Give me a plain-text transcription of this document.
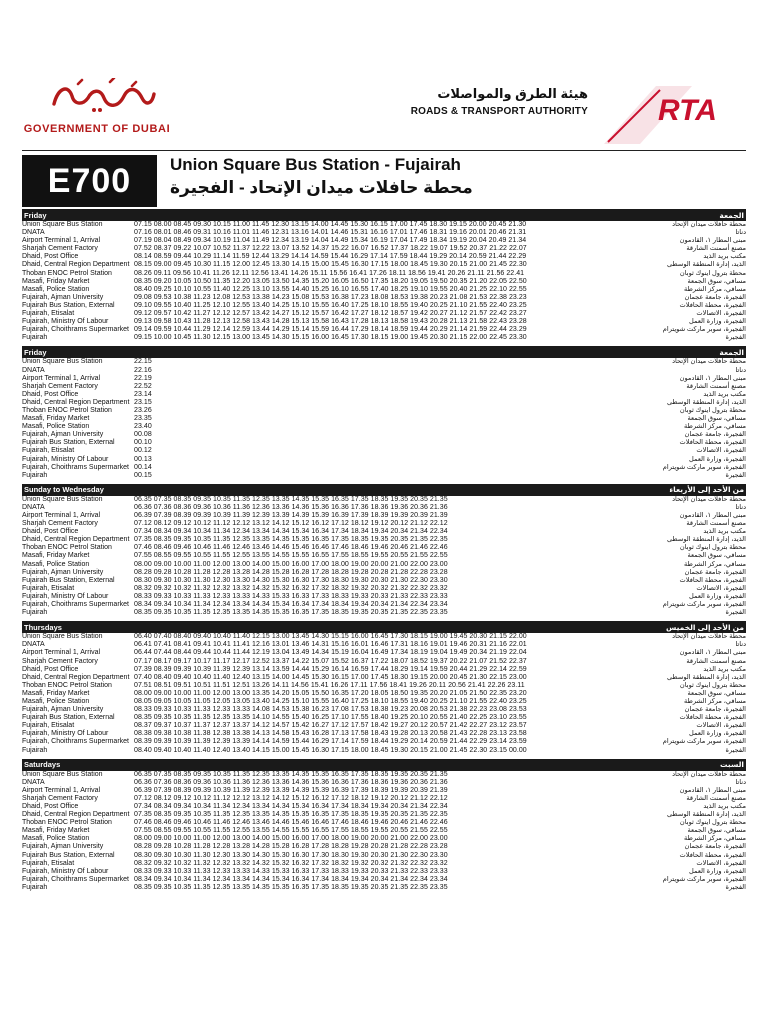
GOVERNMENT OF DUBAI
هيئة الطرق والمواصلات
ROADS & TRANSPORT AUTHORITY RTA
E700	Union Square Bus Station - Fujairah
محطة حافلات ميدان الإتحاد - الفجيرة
Friday	الجمعة
Union Square Bus Station	07.15 08.00 08.45 09.30 10.15 11.00 11.45 12.30 13.15 14.00 14.45 15.30 16.15 17.00 17.45 18.30 19.15 20.00 20.45 21.30	محطة حافلات ميدان الإتحاد
DNATA	07.16 08.01 08.46 09.31 10.16 11.01 11.46 12.31 13.16 14.01 14.46 15.31 16.16 17.01 17.46 18.31 19.16 20.01 20.46 21.31	دناتا
Airport Terminal 1, Arrival	07.19 08.04 08.49 09.34 10.19 11.04 11.49 12.34 13.19 14.04 14.49 15.34 16.19 17.04 17.49 18.34 19.19 20.04 20.49 21.34	مبنى المطار ١، القادمون
Sharjah Cement Factory	07.52 08.37 09.22 10.07 10.52 11.37 12.22 13.07 13.52 14.37 15.22 16.07 16.52 17.37 18.22 19.07 19.52 20.37 21.22 22.07	مصنع أسمنت الشارقة
Dhaid, Post Office	08.14 08.59 09.44 10.29 11.14 11.59 12.44 13.29 14.14 14.59 15.44 16.29 17.14 17.59 18.44 19.29 20.14 20.59 21.44 22.29	مكتب بريد الذيد
Dhaid, Central Region Department 08.15 09.00 09.45 10.30 11.15 12.00 12.45 13.30 14.15 15.00 15.45 16.30 17.15 18.00 18.45 19.30 20.15 21.00 21.45 22.30	الذيد، إدارة المنطقة الوسطى
Thoban ENOC Petrol Station	08.26 09.11 09.56 10.41 11.26 12.11 12.56 13.41 14.26 15.11 15.56 16.41 17.26 18.11 18.56 19.41 20.26 21.11 21.56 22.41	محطة بترول اينوك ثوبان
Masafi, Friday Market	08.35 09.20 10.05 10.50 11.35 12.20 13.05 13.50 14.35 15.20 16.05 16.50 17.35 18.20 19.05 19.50 20.35 21.20 22.05 22.50	مسافي، سوق الجمعة
Masafi, Police Station	08.40 09.25 10.10 10.55 11.40 12.25 13.10 13.55 14.40 15.25 16.10 16.55 17.40 18.25 19.10 19.55 20.40 21.25 22.10 22.55	مسافي، مركز الشرطة
Fujairah, Ajman University	09.08 09.53 10.38 11.23 12.08 12.53 13.38 14.23 15.08 15.53 16.38 17.23 18.08 18.53 19.38 20.23 21.08 21.53 22.38 23.23	الفجيرة، جامعة عجمان
Fujairah Bus Station, External	09.10 09.55 10.40 11.25 12.10 12.55 13.40 14.25 15.10 15.55 16.40 17.25 18.10 18.55 19.40 20.25 21.10 21.55 22.40 23.25	الفجيرة، محطة الحافلات
Fujairah, Etisalat	09.12 09.57 10.42 11.27 12.12 12.57 13.42 14.27 15.12 15.57 16.42 17.27 18.12 18.57 19.42 20.27 21.12 21.57 22.42 23.27	الفجيرة، الاتصالات
Fujairah, Ministry Of Labour	09.13 09.58 10.43 11.28 12.13 12.58 13.43 14.28 15.13 15.58 16.43 17.28 18.13 18.58 19.43 20.28 21.13 21.58 22.43 23.28	الفجيرة، وزارة العمل
Fujairah, Choithrams Supermarket 09.14 09.59 10.44 11.29 12.14 12.59 13.44 14.29 15.14 15.59 16.44 17.29 18.14 18.59 19.44 20.29 21.14 21.59 22.44 23.29	الفجيرة، سوبر ماركت شويترام
Fujairah	09.15 10.00 10.45 11.30 12.15 13.00 13.45 14.30 15.15 16.00 16.45 17.30 18.15 19.00 19.45 20.30 21.15 22.00 22.45 23.30	الفجيرة
Friday	الجمعة
Union Square Bus Station	22.15	محطة حافلات ميدان الإتحاد
DNATA	22.16	دناتا
Airport Terminal 1, Arrival	22.19	مبنى المطار ١، القادمون
Sharjah Cement Factory	22.52	مصنع أسمنت الشارقة
Dhaid, Post Office	23.14	مكتب بريد الذيد
Dhaid, Central Region Department 23.15	الذيد، إدارة المنطقة الوسطى
Thoban ENOC Petrol Station	23.26	محطة بترول اينوك ثوبان
Masafi, Friday Market	23.35	مسافي، سوق الجمعة
Masafi, Police Station	23.40	مسافي، مركز الشرطة
Fujairah, Ajman University	00.08	الفجيرة، جامعة عجمان
Fujairah Bus Station, External	00.10	الفجيرة، محطة الحافلات
Fujairah, Etisalat	00.12	الفجيرة، الاتصالات
Fujairah, Ministry Of Labour	00.13	الفجيرة، وزارة العمل
Fujairah, Choithrams Supermarket 00.14	الفجيرة، سوبر ماركت شويترام
Fujairah	00.15	الفجيرة
Sunday to Wednesday	من الأحد إلى الأربعاء
Union Square Bus Station	06.35 07.35 08.35 09.35 10.35 11.35 12.35 13.35 14.35 15.35 16.35 17.35 18.35 19.35 20.35 21.35	محطة حافلات ميدان الإتحاد
DNATA	06.36 07.36 08.36 09.36 10.36 11.36 12.36 13.36 14.36 15.36 16.36 17.36 18.36 19.36 20.36 21.36	دناتا
Airport Terminal 1, Arrival	06.39 07.39 08.39 09.39 10.39 11.39 12.39 13.39 14.39 15.39 16.39 17.39 18.39 19.39 20.39 21.39	مبنى المطار ١، القادمون
Sharjah Cement Factory	07.12 08.12 09.12 10.12 11.12 12.12 13.12 14.12 15.12 16.12 17.12 18.12 19.12 20.12 21.12 22.12	مصنع أسمنت الشارقة
Dhaid, Post Office	07.34 08.34 09.34 10.34 11.34 12.34 13.34 14.34 15.34 16.34 17.34 18.34 19.34 20.34 21.34 22.34	مكتب بريد الذيد
Dhaid, Central Region Department 07.35 08.35 09.35 10.35 11.35 12.35 13.35 14.35 15.35 16.35 17.35 18.35 19.35 20.35 21.35 22.35	الذيد، إدارة المنطقة الوسطى
Thoban ENOC Petrol Station	07.46 08.46 09.46 10.46 11.46 12.46 13.46 14.46 15.46 16.46 17.46 18.46 19.46 20.46 21.46 22.46	محطة بترول اينوك ثوبان
Masafi, Friday Market	07.55 08.55 09.55 10.55 11.55 12.55 13.55 14.55 15.55 16.55 17.55 18.55 19.55 20.55 21.55 22.55	مسافي، سوق الجمعة
Masafi, Police Station	08.00 09.00 10.00 11.00 12.00 13.00 14.00 15.00 16.00 17.00 18.00 19.00 20.00 21.00 22.00 23.00	مسافي، مركز الشرطة
Fujairah, Ajman University	08.28 09.28 10.28 11.28 12.28 13.28 14.28 15.28 16.28 17.28 18.28 19.28 20.28 21.28 22.28 23.28	الفجيرة، جامعة عجمان
Fujairah Bus Station, External	08.30 09.30 10.30 11.30 12.30 13.30 14.30 15.30 16.30 17.30 18.30 19.30 20.30 21.30 22.30 23.30	الفجيرة، محطة الحافلات
Fujairah, Etisalat	08.32 09.32 10.32 11.32 12.32 13.32 14.32 15.32 16.32 17.32 18.32 19.32 20.32 21.32 22.32 23.32	الفجيرة، الاتصالات
Fujairah, Ministry Of Labour	08.33 09.33 10.33 11.33 12.33 13.33 14.33 15.33 16.33 17.33 18.33 19.33 20.33 21.33 22.33 23.33	الفجيرة، وزارة العمل
Fujairah, Choithrams Supermarket 08.34 09.34 10.34 11.34 12.34 13.34 14.34 15.34 16.34 17.34 18.34 19.34 20.34 21.34 22.34 23.34	الفجيرة، سوبر ماركت شويترام
Fujairah	08.35 09.35 10.35 11.35 12.35 13.35 14.35 15.35 16.35 17.35 18.35 19.35 20.35 21.35 22.35 23.35	الفجيرة
Thursdays	من الأحد إلى الخميس
Union Square Bus Station	06.40 07.40 08.40 09.40 10.40 11.40 12.15 13.00 13.45 14.30 15.15 16.00 16.45 17.30 18.15 19.00 19.45 20.30 21.15 22.00	محطة حافلات ميدان الإتحاد
DNATA	06.41 07.41 08.41 09.41 10.41 11.41 12.16 13.01 13.46 14.31 15.16 16.01 16.46 17.31 18.16 19.01 19.46 20.31 21.16 22.01	دناتا
Airport Terminal 1, Arrival	06.44 07.44 08.44 09.44 10.44 11.44 12.19 13.04 13.49 14.34 15.19 16.04 16.49 17.34 18.19 19.04 19.49 20.34 21.19 22.04	مبنى المطار ١، القادمون
Sharjah Cement Factory	07.17 08.17 09.17 10.17 11.17 12.17 12.52 13.37 14.22 15.07 15.52 16.37 17.22 18.07 18.52 19.37 20.22 21.07 21.52 22.37	مصنع أسمنت الشارقة
Dhaid, Post Office	07.39 08.39 09.39 10.39 11.39 12.39 13.14 13.59 14.44 15.29 16.14 16.59 17.44 18.29 19.14 19.59 20.44 21.29 22.14 22.59	مكتب بريد الذيد
Dhaid, Central Region Department 07.40 08.40 09.40 10.40 11.40 12.40 13.15 14.00 14.45 15.30 16.15 17.00 17.45 18.30 19.15 20.00 20.45 21.30 22.15 23.00	الذيد، إدارة المنطقة الوسطى
Thoban ENOC Petrol Station	07.51 08.51 09.51 10.51 11.51 12.51 13.26 14.11 14.56 15.41 16.26 17.11 17.56 18.41 19.26 20.11 20.56 21.41 22.26 23.11	محطة بترول اينوك ثوبان
Masafi, Friday Market	08.00 09.00 10.00 11.00 12.00 13.00 13.35 14.20 15.05 15.50 16.35 17.20 18.05 18.50 19.35 20.20 21.05 21.50 22.35 23.20	مسافي، سوق الجمعة
Masafi, Police Station	08.05 09.05 10.05 11.05 12.05 13.05 13.40 14.25 15.10 15.55 16.40 17.25 18.10 18.55 19.40 20.25 21.10 21.55 22.40 23.25	مسافي، مركز الشرطة
Fujairah, Ajman University	08.33 09.33 10.33 11.33 12.33 13.33 14.08 14.53 15.38 16.23 17.08 17.53 18.38 19.23 20.08 20.53 21.38 22.23 23.08 23.53	الفجيرة، جامعة عجمان
Fujairah Bus Station, External	08.35 09.35 10.35 11.35 12.35 13.35 14.10 14.55 15.40 16.25 17.10 17.55 18.40 19.25 20.10 20.55 21.40 22.25 23.10 23.55	الفجيرة، محطة الحافلات
Fujairah, Etisalat	08.37 09.37 10.37 11.37 12.37 13.37 14.12 14.57 15.42 16.27 17.12 17.57 18.42 19.27 20.12 20.57 21.42 22.27 23.12 23.57	الفجيرة، الاتصالات
Fujairah, Ministry Of Labour	08.38 09.38 10.38 11.38 12.38 13.38 14.13 14.58 15.43 16.28 17.13 17.58 18.43 19.28 20.13 20.58 21.43 22.28 23.13 23.58	الفجيرة، وزارة العمل
Fujairah, Choithrams Supermarket 08.39 09.39 10.39 11.39 12.39 13.39 14.14 14.59 15.44 16.29 17.14 17.59 18.44 19.29 20.14 20.59 21.44 22.29 23.14 23.59	الفجيرة، سوبر ماركت شويترام
Fujairah	08.40 09.40 10.40 11.40 12.40 13.40 14.15 15.00 15.45 16.30 17.15 18.00 18.45 19.30 20.15 21.00 21.45 22.30 23.15 00.00	الفجيرة
Saturdays	السبت
Union Square Bus Station	06.35 07.35 08.35 09.35 10.35 11.35 12.35 13.35 14.35 15.35 16.35 17.35 18.35 19.35 20.35 21.35	محطة حافلات ميدان الإتحاد
DNATA	06.36 07.36 08.36 09.36 10.36 11.36 12.36 13.36 14.36 15.36 16.36 17.36 18.36 19.36 20.36 21.36	دناتا
Airport Terminal 1, Arrival	06.39 07.39 08.39 09.39 10.39 11.39 12.39 13.39 14.39 15.39 16.39 17.39 18.39 19.39 20.39 21.39	مبنى المطار ١، القادمون
Sharjah Cement Factory	07.12 08.12 09.12 10.12 11.12 12.12 13.12 14.12 15.12 16.12 17.12 18.12 19.12 20.12 21.12 22.12	مصنع أسمنت الشارقة
Dhaid, Post Office	07.34 08.34 09.34 10.34 11.34 12.34 13.34 14.34 15.34 16.34 17.34 18.34 19.34 20.34 21.34 22.34	مكتب بريد الذيد
Dhaid, Central Region Department 07.35 08.35 09.35 10.35 11.35 12.35 13.35 14.35 15.35 16.35 17.35 18.35 19.35 20.35 21.35 22.35	الذيد، إدارة المنطقة الوسطى
Thoban ENOC Petrol Station	07.46 08.46 09.46 10.46 11.46 12.46 13.46 14.46 15.46 16.46 17.46 18.46 19.46 20.46 21.46 22.46	محطة بترول اينوك ثوبان
Masafi, Friday Market	07.55 08.55 09.55 10.55 11.55 12.55 13.55 14.55 15.55 16.55 17.55 18.55 19.55 20.55 21.55 22.55	مسافي، سوق الجمعة
Masafi, Police Station	08.00 09.00 10.00 11.00 12.00 13.00 14.00 15.00 16.00 17.00 18.00 19.00 20.00 21.00 22.00 23.00	مسافي، مركز الشرطة
Fujairah, Ajman University	08.28 09.28 10.28 11.28 12.28 13.28 14.28 15.28 16.28 17.28 18.28 19.28 20.28 21.28 22.28 23.28	الفجيرة، جامعة عجمان
Fujairah Bus Station, External	08.30 09.30 10.30 11.30 12.30 13.30 14.30 15.30 16.30 17.30 18.30 19.30 20.30 21.30 22.30 23.30	الفجيرة، محطة الحافلات
Fujairah, Etisalat	08.32 09.32 10.32 11.32 12.32 13.32 14.32 15.32 16.32 17.32 18.32 19.32 20.32 21.32 22.32 23.32	الفجيرة، الاتصالات
Fujairah, Ministry Of Labour	08.33 09.33 10.33 11.33 12.33 13.33 14.33 15.33 16.33 17.33 18.33 19.33 20.33 21.33 22.33 23.33	الفجيرة، وزارة العمل
Fujairah, Choithrams Supermarket 08.34 09.34 10.34 11.34 12.34 13.34 14.34 15.34 16.34 17.34 18.34 19.34 20.34 21.34 22.34 23.34	الفجيرة، سوبر ماركت شويترام
Fujairah	08.35 09.35 10.35 11.35 12.35 13.35 14.35 15.35 16.35 17.35 18.35 19.35 20.35 21.35 22.35 23.35	الفجيرة
